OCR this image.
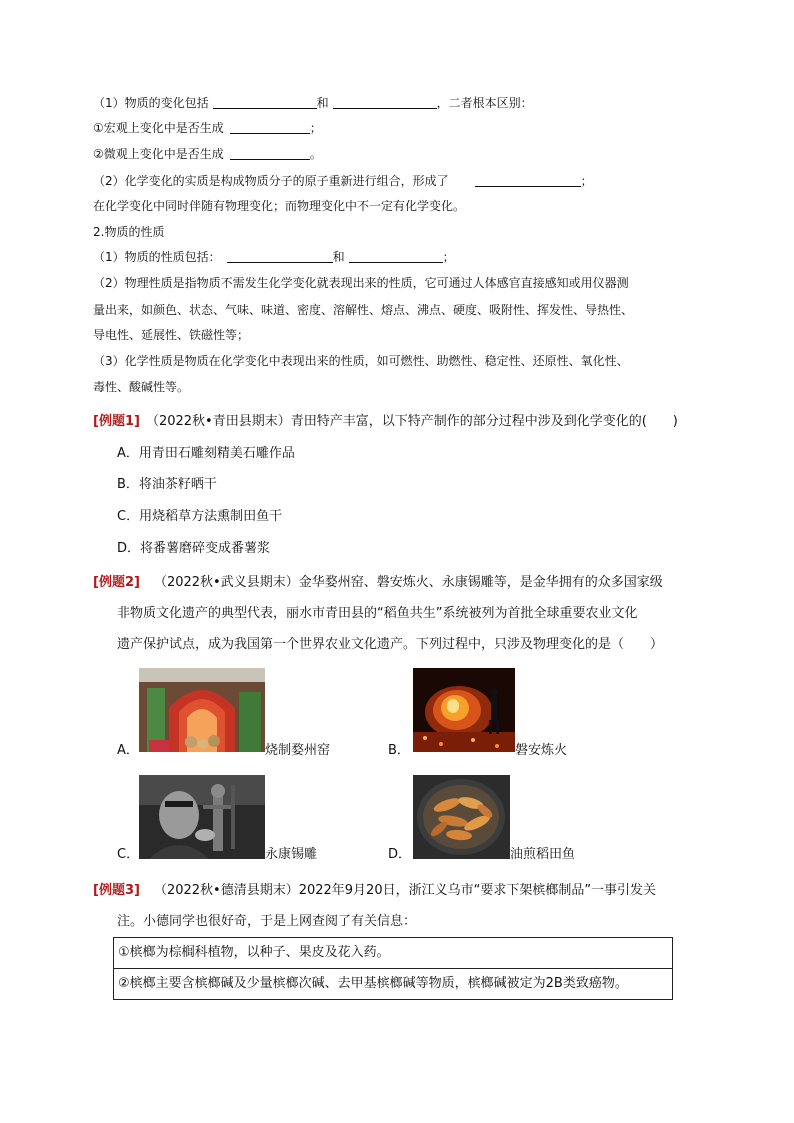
（1）物质的变化包括	和	，二者根本区别：
①宏观上变化中是否生成	；
②微观上变化中是否生成	。
（2）化学变化的实质是构成物质分子的原子重新进行组合，形成了	；
在化学变化中同时伴随有物理变化；而物理变化中不一定有化学变化。
2.物质的性质
（1）物质的性质包括：	和	；
（2）物理性质是指物质不需发生化学变化就表现出来的性质，它可通过人体感官直接感知或用仪器测
量出来，如颜色、状态、气味、味道、密度、溶解性、熔点、沸点、硬度、吸附性、挥发性、导热性、
导电性、延展性、铁磁性等；
（3）化学性质是物质在化学变化中表现出来的性质，如可燃性、助燃性、稳定性、还原性、氧化性、
毒性、酸碱性等。
[例题1] （2022秋•青田县期末）青田特产丰富，以下特产制作的部分过程中涉及到化学变化的(　　)
A．用青田石雕刻精美石雕作品
B．将油茶籽晒干
C．用烧稻草方法熏制田鱼干
D．将番薯磨碎变成番薯浆
[例题2] （2022秋•武义县期末）金华婺州窑、磐安炼火、永康锡雕等，是金华拥有的众多国家级
非物质文化遗产的典型代表，丽水市青田县的“稻鱼共生”系统被列为首批全球重要农业文化
遗产保护试点，成为我国第一个世界农业文化遗产。下列过程中，只涉及物理变化的是（　　）
A．	烧制婺州窑	B．	磐安炼火
C．	永康锡雕	D．	油煎稻田鱼
[例题3] （2022秋•德清县期末）2022年9月20日，浙江义乌市“要求下架槟榔制品”一事引发关
注。小德同学也很好奇，于是上网查阅了有关信息：
①槟榔为棕榈科植物，以种子、果皮及花入药。
②槟榔主要含槟榔碱及少量槟榔次碱、去甲基槟榔碱等物质，槟榔碱被定为2B类致癌物。
